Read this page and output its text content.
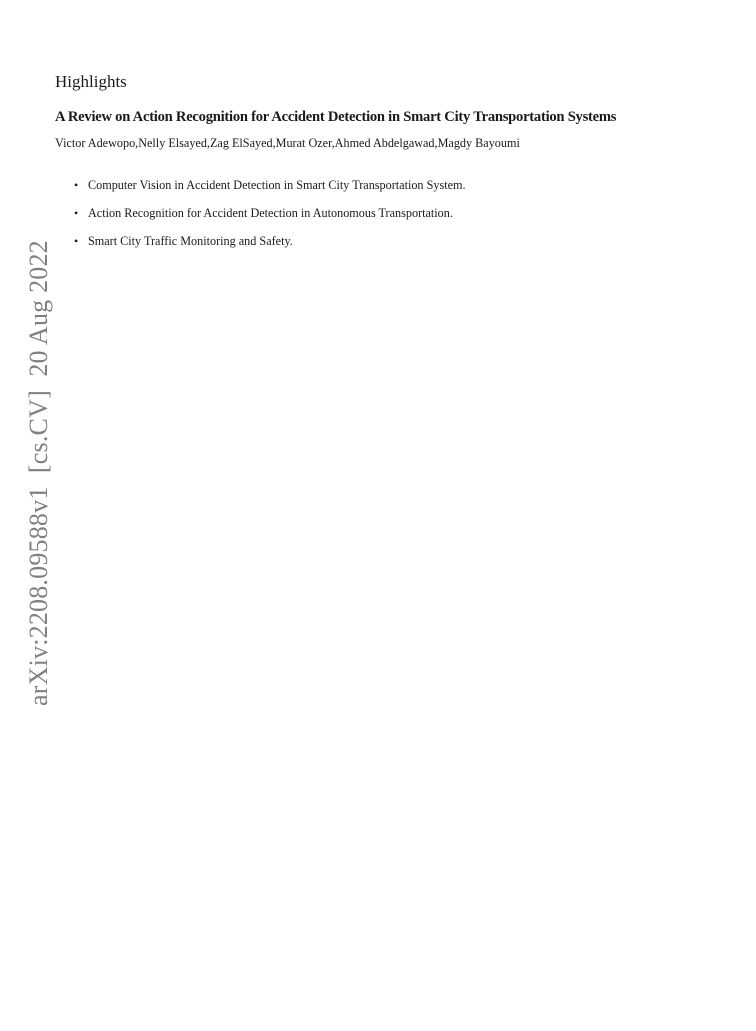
arXiv:2208.09588v1  [cs.CV]  20 Aug 2022
Highlights
A Review on Action Recognition for Accident Detection in Smart City Transportation Systems

Victor Adewopo,Nelly Elsayed,Zag ElSayed,Murat Ozer,Ahmed Abdelgawad,Magdy Bayoumi

• Computer Vision in Accident Detection in Smart City Transportation System.
• Action Recognition for Accident Detection in Autonomous Transportation.
• Smart City Traffic Monitoring and Safety.
